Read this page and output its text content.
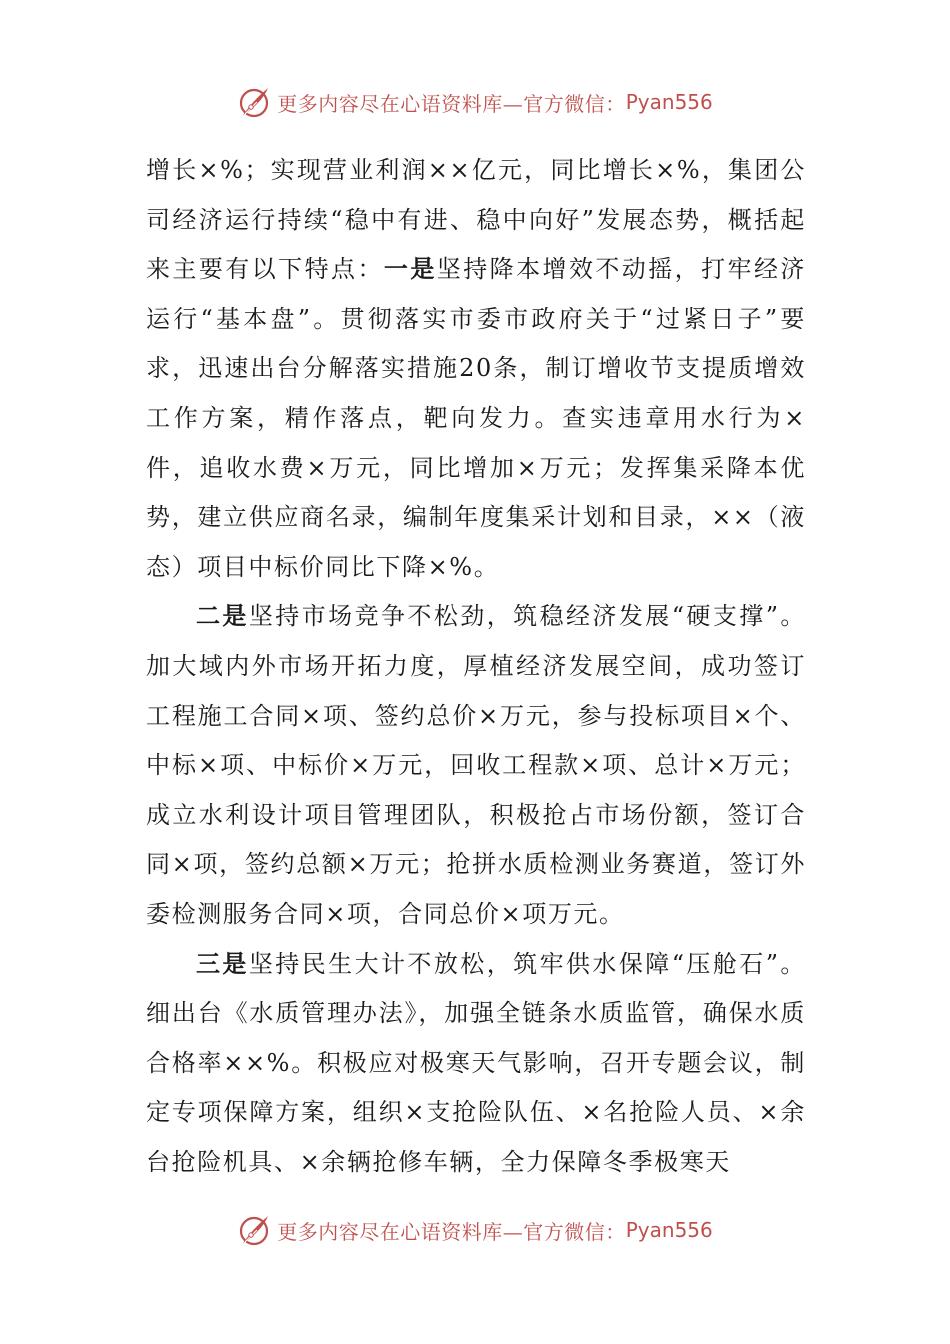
更多内容尽在心语资料库—官方微信： Pyan556

增长×%；实现营业利润××亿元，同比增长×%，集团公司经济运行持续“稳中有进、稳中向好”发展态势，概括起来主要有以下特点：一是坚持降本增效不动摇，打牢经济运行“基本盘”。贯彻落实市委市政府关于“过紧日子”要求，迅速出台分解落实措施20条，制订增收节支提质增效工作方案，精作落点，靶向发力。查实违章用水行为×件，追收水费×万元，同比增加×万元；发挥集采降本优势，建立供应商名录，编制年度集采计划和目录，××（液态）项目中标价同比下降×%。

二是坚持市场竞争不松劲，筑稳经济发展“硬支撑”。加大域内外市场开拓力度，厚植经济发展空间，成功签订工程施工合同×项、签约总价×万元，参与投标项目×个、中标×项、中标价×万元，回收工程款×项、总计×万元；成立水利设计项目管理团队，积极抢占市场份额，签订合同×项，签约总额×万元；抢拼水质检测业务赛道，签订外委检测服务合同×项，合同总价×项万元。

三是坚持民生大计不放松，筑牢供水保障“压舱石”。细出台《水质管理办法》，加强全链条水质监管，确保水质合格率××%。积极应对极寒天气影响，召开专题会议，制定专项保障方案，组织×支抢险队伍、×名抢险人员、×余台抢险机具、×余辆抢修车辆，全力保障冬季极寒天

更多内容尽在心语资料库—官方微信： Pyan556
